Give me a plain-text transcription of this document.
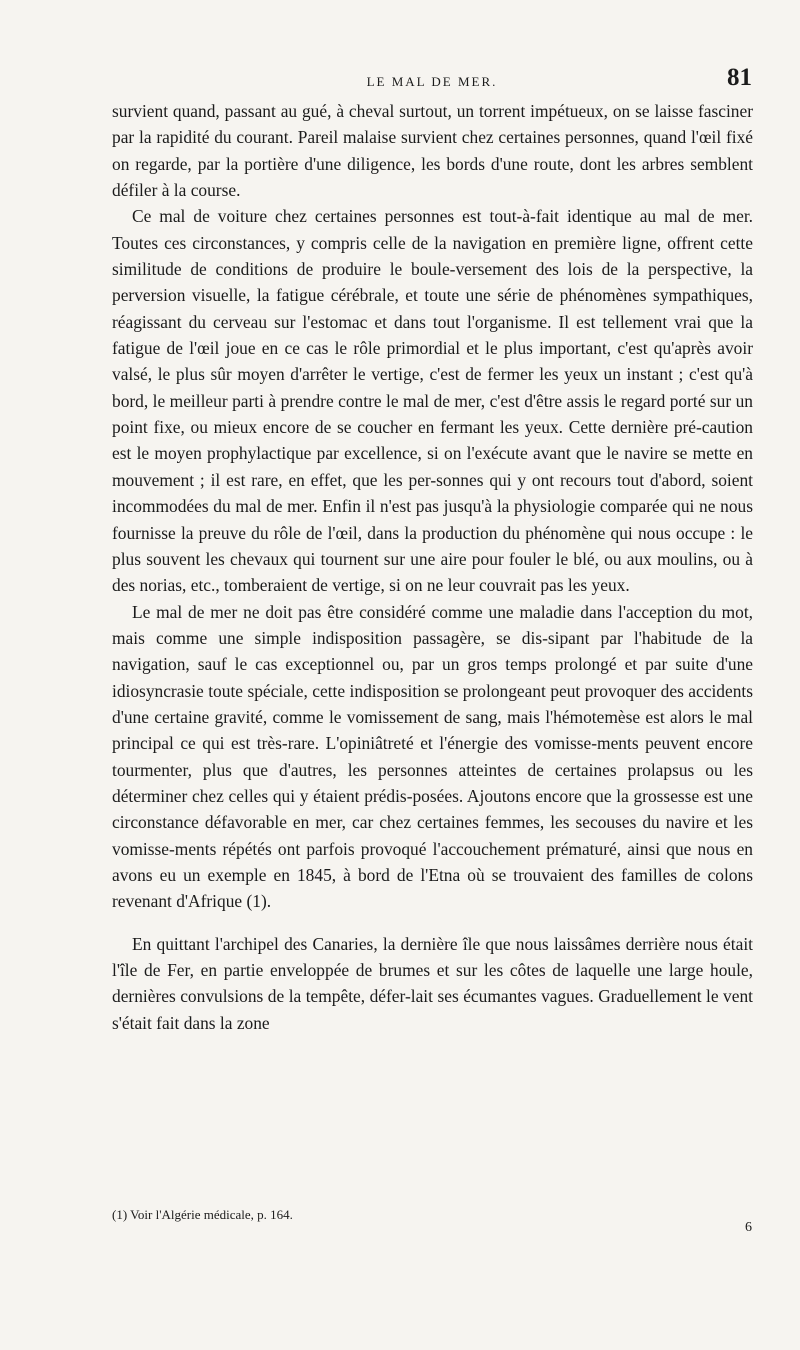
LE MAL DE MER.	81

survient quand, passant au gué, à cheval surtout, un torrent impétueux, on se laisse fasciner par la rapidité du courant. Pareil malaise survient chez certaines personnes, quand l'œil fixé on regarde, par la portière d'une diligence, les bords d'une route, dont les arbres semblent défiler à la course.

Ce mal de voiture chez certaines personnes est tout-à-fait identique au mal de mer. Toutes ces circonstances, y compris celle de la navigation en première ligne, offrent cette similitude de conditions de produire le boule-versement des lois de la perspective, la perversion visuelle, la fatigue cérébrale, et toute une série de phénomènes sympathiques, réagissant du cerveau sur l'estomac et dans tout l'organisme. Il est tellement vrai que la fatigue de l'œil joue en ce cas le rôle primordial et le plus important, c'est qu'après avoir valsé, le plus sûr moyen d'arrêter le vertige, c'est de fermer les yeux un instant ; c'est qu'à bord, le meilleur parti à prendre contre le mal de mer, c'est d'être assis le regard porté sur un point fixe, ou mieux encore de se coucher en fermant les yeux. Cette dernière pré-caution est le moyen prophylactique par excellence, si on l'exécute avant que le navire se mette en mouvement ; il est rare, en effet, que les per-sonnes qui y ont recours tout d'abord, soient incommodées du mal de mer. Enfin il n'est pas jusqu'à la physiologie comparée qui ne nous fournisse la preuve du rôle de l'œil, dans la production du phénomène qui nous occupe : le plus souvent les chevaux qui tournent sur une aire pour fouler le blé, ou aux moulins, ou à des norias, etc., tomberaient de vertige, si on ne leur couvrait pas les yeux.

Le mal de mer ne doit pas être considéré comme une maladie dans l'acception du mot, mais comme une simple indisposition passagère, se dis-sipant par l'habitude de la navigation, sauf le cas exceptionnel ou, par un gros temps prolongé et par suite d'une idiosyncrasie toute spéciale, cette indisposition se prolongeant peut provoquer des accidents d'une certaine gravité, comme le vomissement de sang, mais l'hémotemèse est alors le mal principal ce qui est très-rare. L'opiniâtreté et l'énergie des vomisse-ments peuvent encore tourmenter, plus que d'autres, les personnes atteintes de certaines prolapsus ou les déterminer chez celles qui y étaient prédis-posées. Ajoutons encore que la grossesse est une circonstance défavorable en mer, car chez certaines femmes, les secouses du navire et les vomisse-ments répétés ont parfois provoqué l'accouchement prématuré, ainsi que nous en avons eu un exemple en 1845, à bord de l'Etna où se trouvaient des familles de colons revenant d'Afrique (1).

En quittant l'archipel des Canaries, la dernière île que nous laissâmes derrière nous était l'île de Fer, en partie enveloppée de brumes et sur les côtes de laquelle une large houle, dernières convulsions de la tempête, défer-lait ses écumantes vagues. Graduellement le vent s'était fait dans la zone

(1) Voir l'Algérie médicale, p. 164.
6
